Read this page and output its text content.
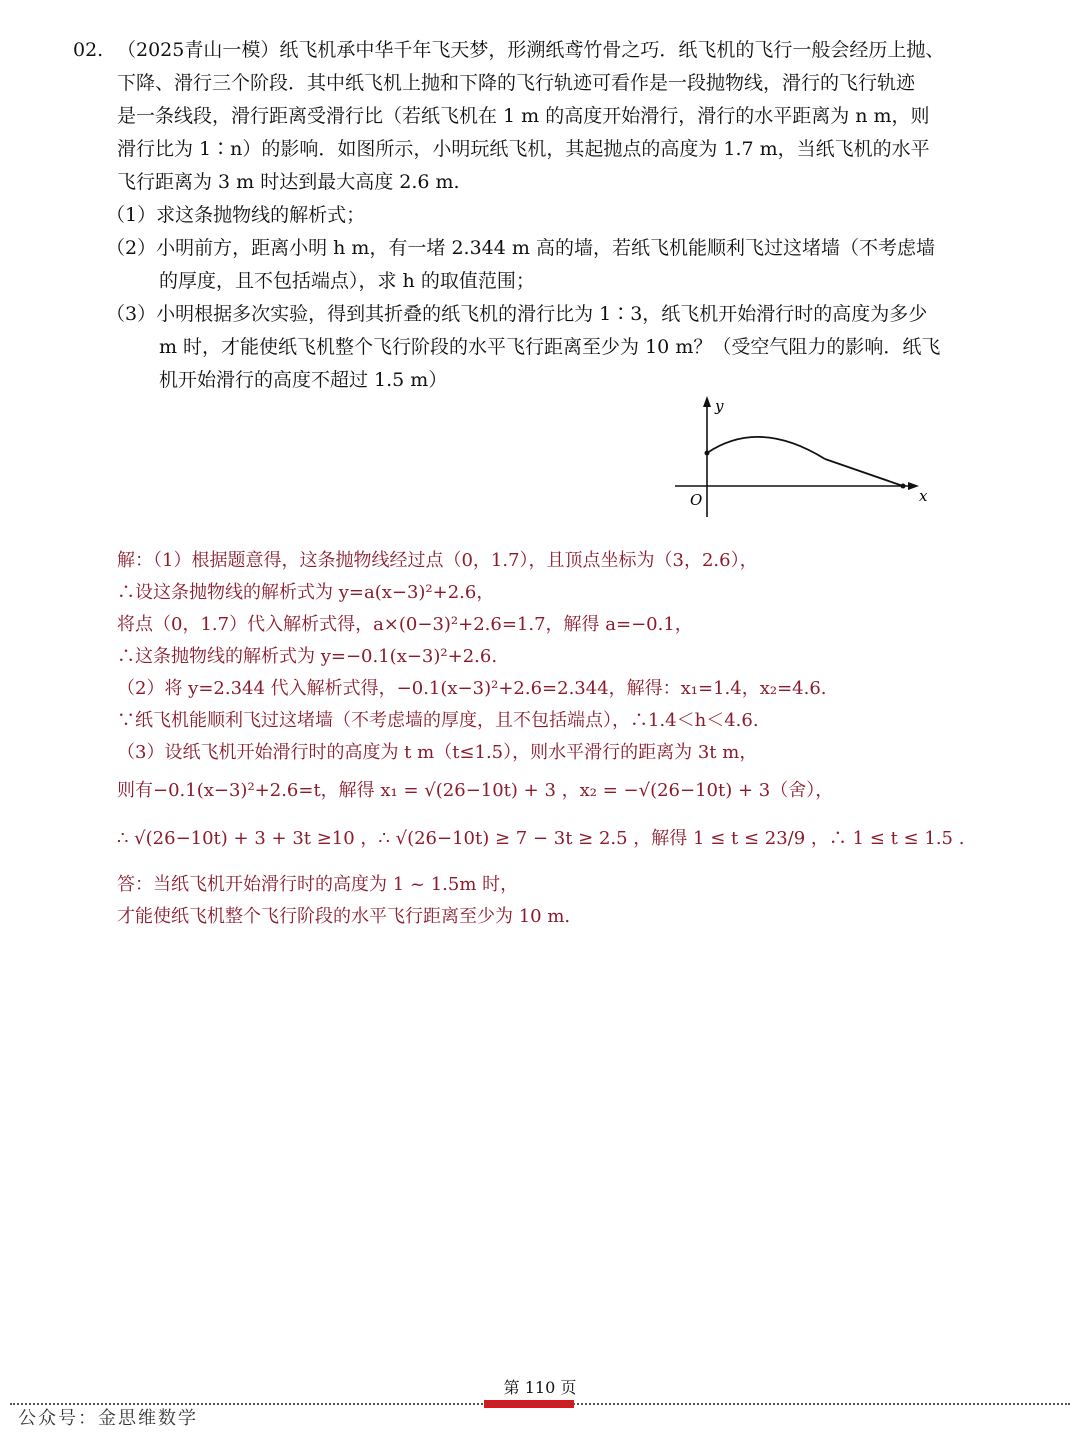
02. （2025青山一模）纸飞机承中华千年飞天梦，形溯纸鸢竹骨之巧．纸飞机的飞行一般会经历上抛、

下降、滑行三个阶段．其中纸飞机上抛和下降的飞行轨迹可看作是一段抛物线，滑行的飞行轨迹

是一条线段，滑行距离受滑行比（若纸飞机在 1 m 的高度开始滑行，滑行的水平距离为 n m，则

滑行比为 1∶n）的影响．如图所示，小明玩纸飞机，其起抛点的高度为 1.7 m，当纸飞机的水平

飞行距离为 3 m 时达到最大高度 2.6 m.

（1）求这条抛物线的解析式；

（2）小明前方，距离小明 h m，有一堵 2.344 m 高的墙，若纸飞机能顺利飞过这堵墙（不考虑墙

的厚度，且不包括端点），求 h 的取值范围；

（3）小明根据多次实验，得到其折叠的纸飞机的滑行比为 1∶3，纸飞机开始滑行时的高度为多少

m 时，才能使纸飞机整个飞行阶段的水平飞行距离至少为 10 m？（受空气阻力的影响．纸飞

机开始滑行的高度不超过 1.5 m）

y
x
O

解：（1）根据题意得，这条抛物线经过点（0，1.7），且顶点坐标为（3，2.6），

∴设这条抛物线的解析式为 y=a(x−3)²+2.6，

将点（0，1.7）代入解析式得，a×(0−3)²+2.6=1.7，解得 a=−0.1，

∴这条抛物线的解析式为 y=−0.1(x−3)²+2.6.

（2）将 y=2.344 代入解析式得，−0.1(x−3)²+2.6=2.344，解得：x₁=1.4，x₂=4.6.

∵纸飞机能顺利飞过这堵墙（不考虑墙的厚度，且不包括端点），∴1.4＜h＜4.6.

（3）设纸飞机开始滑行时的高度为 t m（t≤1.5），则水平滑行的距离为 3t m，

则有−0.1(x−3)²+2.6=t，解得 x₁ = √(26−10t) + 3 ，x₂ = −√(26−10t) + 3（舍），

∴ √(26−10t) + 3 + 3t ≥10 ，∴ √(26−10t) ≥ 7 − 3t ≥ 2.5 ，解得 1 ≤ t ≤ 23/9 ，∴ 1 ≤ t ≤ 1.5 .

答：当纸飞机开始滑行时的高度为 1 ~ 1.5m 时，

才能使纸飞机整个飞行阶段的水平飞行距离至少为 10 m.

第 110 页
公众号：金思维数学
